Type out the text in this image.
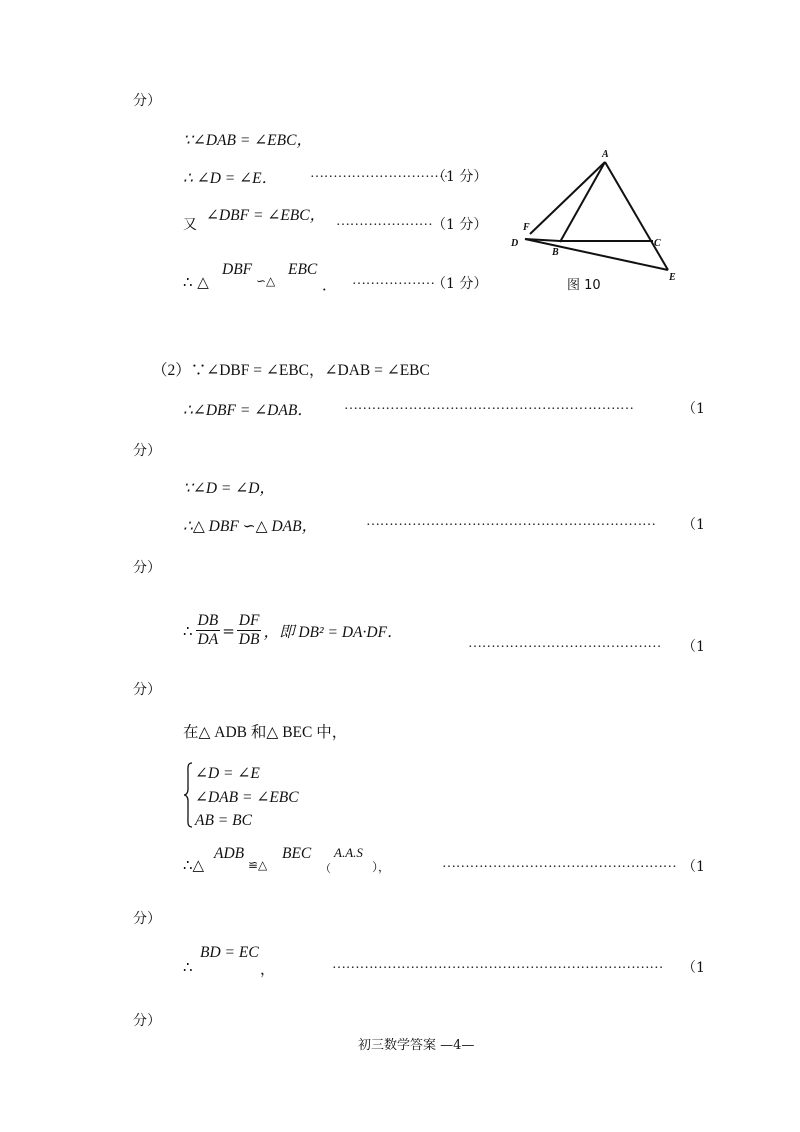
分）
∵∠DAB = ∠EBC，
∴ ∠D = ∠E． …………………………
（1 分）
又
∠DBF = ∠EBC， ………………… （1 分）
∴ △
DBF
∽△
EBC
． ………………
（1 分）
A
F
D
B
C
E
图 10
（2）∵∠DBF = ∠EBC，∠DAB = ∠EBC
∴∠DBF = ∠DAB． ………………………………………………………	（1
分）
∵∠D = ∠D，
∴△ DBF ∽△ DAB，	……………………………………………………… （1
分）
∴ $\frac{DB}{DA} = \frac{DF}{DB}$ ，即 DB² = DA·DF．
…………………………………… （1
分）
在△ ADB 和△ BEC 中，
∠D = ∠E
∠DAB = ∠EBC
AB = BC
∴△
ADB
≌△
BEC
（
A.A.S
），	…………………………………………… （1
分）
∴
BD = EC
，	……………………………………………………………… （1
分）
初三数学答案 —4—
